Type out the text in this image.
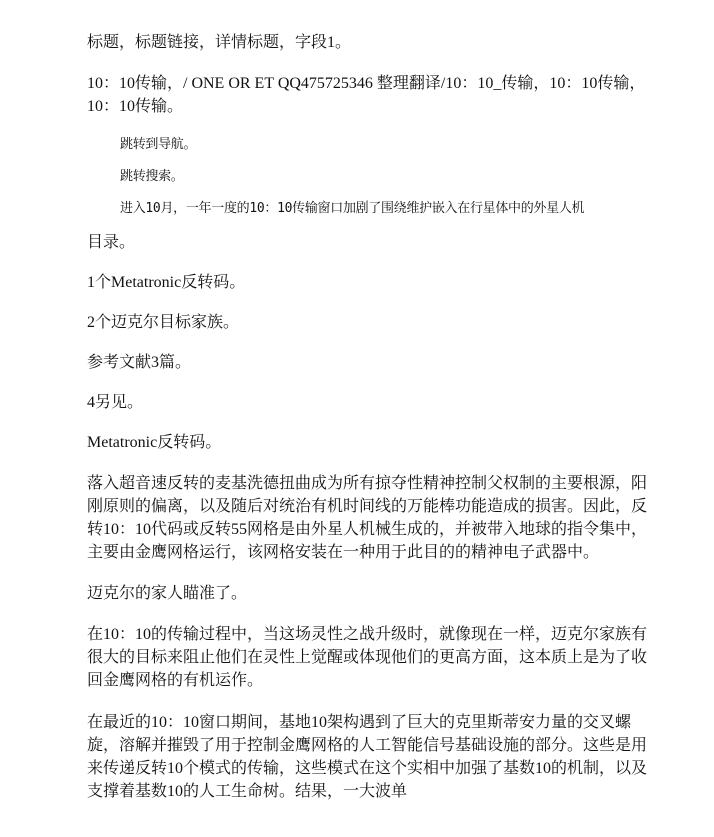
标题，标题链接，详情标题，字段1。

10：10传输，/ ONE OR ET QQ475725346 整理翻译/10：10_传输，10：10传输，10：10传输。

跳转到导航。

跳转搜索。

进入10月，一年一度的10：10传输窗口加剧了围绕维护嵌入在行星体中的外星人机

目录。

1个Metatronic反转码。

2个迈克尔目标家族。

参考文献3篇。

4另见。

Metatronic反转码。

落入超音速反转的麦基洗德扭曲成为所有掠夺性精神控制父权制的主要根源，阳刚原则的偏离，以及随后对统治有机时间线的万能棒功能造成的损害。因此，反转10：10代码或反转55网格是由外星人机械生成的，并被带入地球的指令集中，主要由金鹰网格运行，该网格安装在一种用于此目的的精神电子武器中。

迈克尔的家人瞄准了。

在10：10的传输过程中，当这场灵性之战升级时，就像现在一样，迈克尔家族有很大的目标来阻止他们在灵性上觉醒或体现他们的更高方面，这本质上是为了收回金鹰网格的有机运作。

在最近的10：10窗口期间，基地10架构遇到了巨大的克里斯蒂安力量的交叉螺旋，溶解并摧毁了用于控制金鹰网格的人工智能信号基础设施的部分。这些是用来传递反转10个模式的传输，这些模式在这个实相中加强了基数10的机制，以及支撑着基数10的人工生命树。结果，一大波单
